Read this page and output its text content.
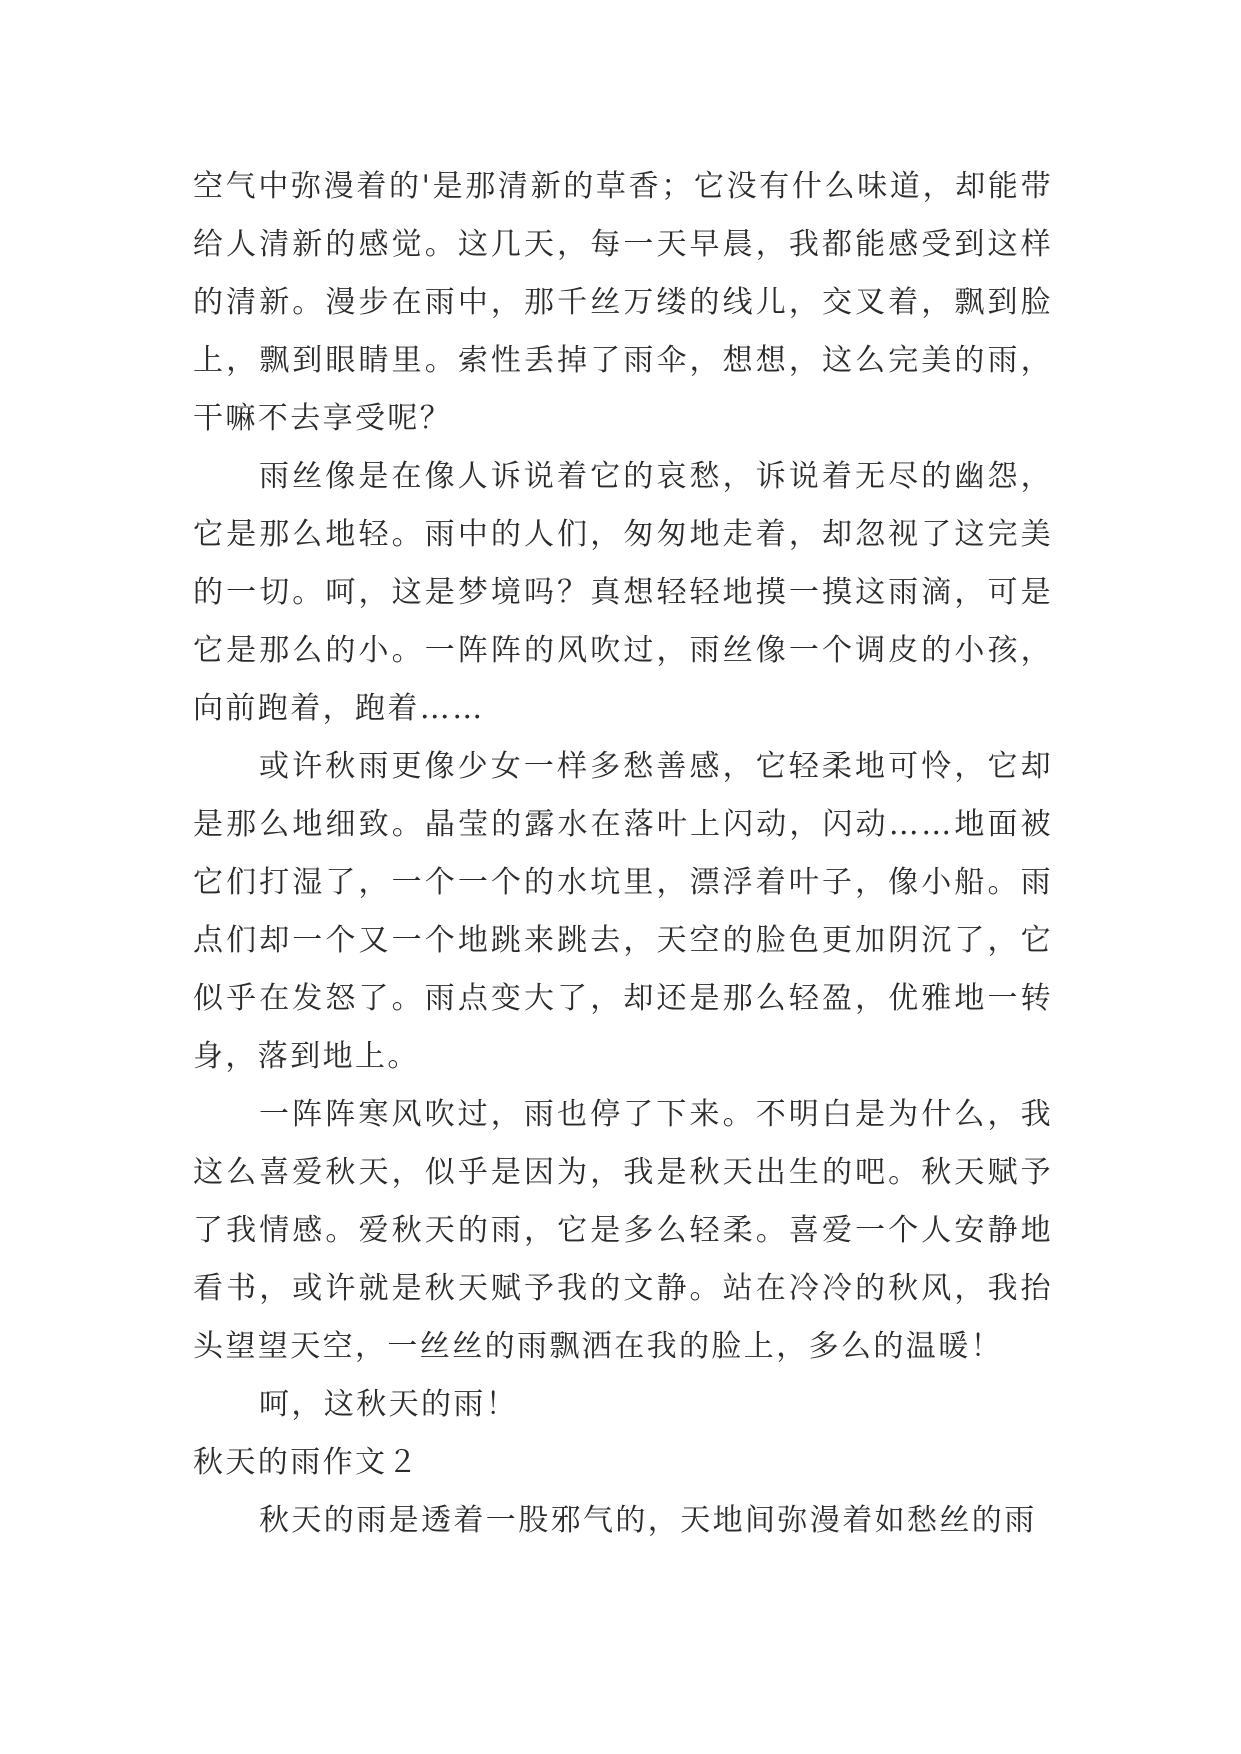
空气中弥漫着的'是那清新的草香；它没有什么味道，却能带给人清新的感觉。这几天，每一天早晨，我都能感受到这样的清新。漫步在雨中，那千丝万缕的线儿，交叉着，飘到脸上，飘到眼睛里。索性丢掉了雨伞，想想，这么完美的雨，干嘛不去享受呢？

雨丝像是在像人诉说着它的哀愁，诉说着无尽的幽怨，它是那么地轻。雨中的人们，匆匆地走着，却忽视了这完美的一切。呵，这是梦境吗？真想轻轻地摸一摸这雨滴，可是它是那么的小。一阵阵的风吹过，雨丝像一个调皮的小孩，向前跑着，跑着……

或许秋雨更像少女一样多愁善感，它轻柔地可怜，它却是那么地细致。晶莹的露水在落叶上闪动，闪动……地面被它们打湿了，一个一个的水坑里，漂浮着叶子，像小船。雨点们却一个又一个地跳来跳去，天空的脸色更加阴沉了，它似乎在发怒了。雨点变大了，却还是那么轻盈，优雅地一转身，落到地上。

一阵阵寒风吹过，雨也停了下来。不明白是为什么，我这么喜爱秋天，似乎是因为，我是秋天出生的吧。秋天赋予了我情感。爱秋天的雨，它是多么轻柔。喜爱一个人安静地看书，或许就是秋天赋予我的文静。站在冷冷的秋风，我抬头望望天空，一丝丝的雨飘洒在我的脸上，多么的温暖！

呵，这秋天的雨！

秋天的雨作文２

秋天的雨是透着一股邪气的，天地间弥漫着如愁丝的雨
